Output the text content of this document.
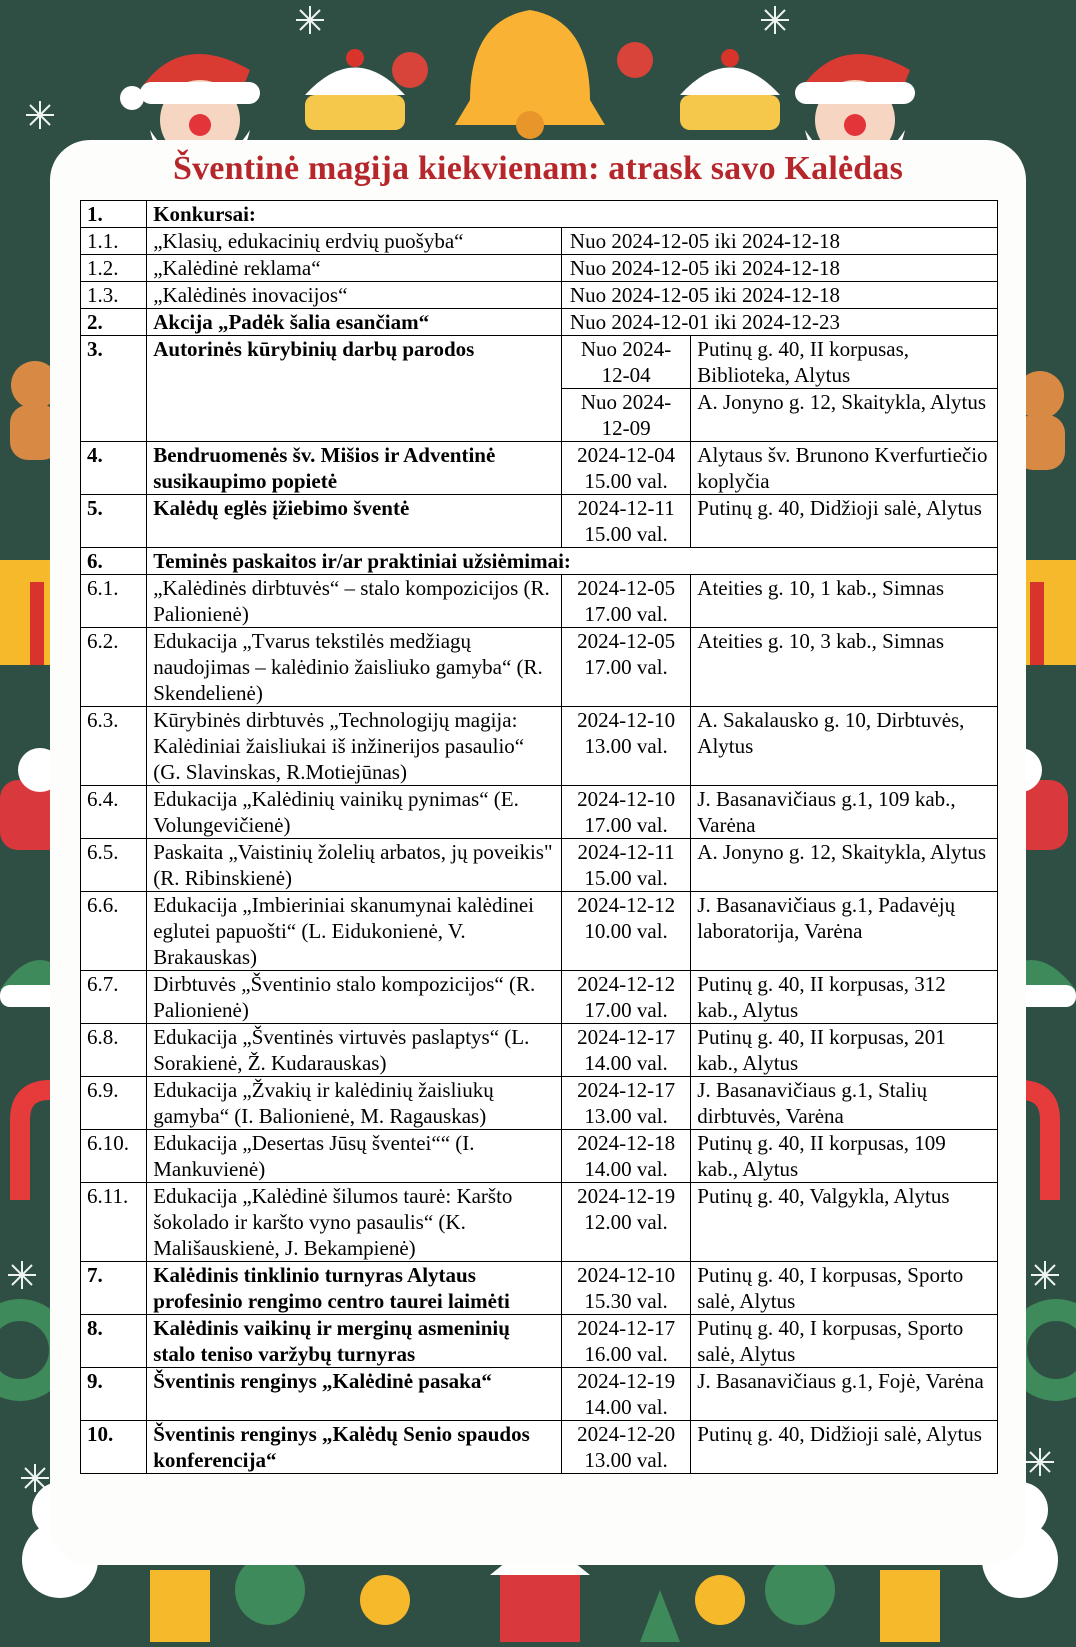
Šventinė magija kiekvienam: atrask savo Kalėdas
1.	Konkursai:		
1.1.	„Klasių, edukacinių erdvių puošyba“	Nuo 2024-12-05 iki 2024-12-18	
1.2.	„Kalėdinė reklama“	Nuo 2024-12-05 iki 2024-12-18	
1.3.	„Kalėdinės inovacijos“	Nuo 2024-12-05 iki 2024-12-18	
2.	Akcija „Padėk šalia esančiam“	Nuo 2024-12-01 iki 2024-12-23	
3.	Autorinės kūrybinių darbų parodos	Nuo 2024-12-04	Putinų g. 40, II korpusas, Biblioteka, Alytus
		Nuo 2024-12-09	A. Jonyno g. 12, Skaitykla, Alytus
4.	Bendruomenės šv. Mišios ir Adventinė susikaupimo popietė	2024-12-04 15.00 val.	Alytaus šv. Brunono Kverfurtiečio koplyčia
5.	Kalėdų eglės įžiebimo šventė	2024-12-11 15.00 val.	Putinų g. 40, Didžioji salė, Alytus
6.	Teminės paskaitos ir/ar praktiniai užsiėmimai:		
6.1.	„Kalėdinės dirbtuvės“ – stalo kompozicijos (R. Palionienė)	2024-12-05 17.00 val.	Ateities g. 10, 1 kab., Simnas
6.2.	Edukacija „Tvarus tekstilės medžiagų naudojimas – kalėdinio žaisliuko gamyba“ (R. Skendelienė)	2024-12-05 17.00 val.	Ateities g. 10, 3 kab., Simnas
6.3.	Kūrybinės dirbtuvės „Technologijų magija: Kalėdiniai žaisliukai iš inžinerijos pasaulio“ (G. Slavinskas, R.Motiejūnas)	2024-12-10 13.00 val.	A. Sakalausko g. 10, Dirbtuvės, Alytus
6.4.	Edukacija „Kalėdinių vainikų pynimas“ (E. Volungevičienė)	2024-12-10 17.00 val.	J. Basanavičiaus g.1, 109 kab., Varėna
6.5.	Paskaita „Vaistinių žolelių arbatos, jų poveikis" (R. Ribinskienė)	2024-12-11 15.00 val.	A. Jonyno g. 12, Skaitykla, Alytus
6.6.	Edukacija „Imbieriniai skanumynai kalėdinei eglutei papuošti“ (L. Eidukonienė, V. Brakauskas)	2024-12-12 10.00 val.	J. Basanavičiaus g.1, Padavėjų laboratorija, Varėna
6.7.	Dirbtuvės „Šventinio stalo kompozicijos“ (R. Palionienė)	2024-12-12 17.00 val.	Putinų g. 40, II korpusas, 312 kab., Alytus
6.8.	Edukacija „Šventinės virtuvės paslaptys“ (L. Sorakienė, Ž. Kudarauskas)	2024-12-17 14.00 val.	Putinų g. 40, II korpusas, 201 kab., Alytus
6.9.	Edukacija „Žvakių ir kalėdinių žaisliukų gamyba“ (I. Balionienė, M. Ragauskas)	2024-12-17 13.00 val.	J. Basanavičiaus g.1, Stalių dirbtuvės, Varėna
6.10.	Edukacija „Desertas Jūsų šventei““ (I. Mankuvienė)	2024-12-18 14.00 val.	Putinų g. 40, II korpusas, 109 kab., Alytus
6.11.	Edukacija „Kalėdinė šilumos taurė: Karšto šokolado ir karšto vyno pasaulis“ (K. Mališauskienė, J. Bekampienė)	2024-12-19 12.00 val.	Putinų g. 40, Valgykla, Alytus
7.	Kalėdinis tinklinio turnyras Alytaus profesinio rengimo centro taurei laimėti	2024-12-10 15.30 val.	Putinų g. 40, I korpusas, Sporto salė, Alytus
8.	Kalėdinis vaikinų ir merginų asmeninių stalo teniso varžybų turnyras	2024-12-17 16.00 val.	Putinų g. 40, I korpusas, Sporto salė, Alytus
9.	Šventinis renginys „Kalėdinė pasaka“	2024-12-19 14.00 val.	J. Basanavičiaus g.1, Fojė, Varėna
10.	Šventinis renginys „Kalėdų Senio spaudos konferencija“	2024-12-20 13.00 val.	Putinų g. 40, Didžioji salė, Alytus
